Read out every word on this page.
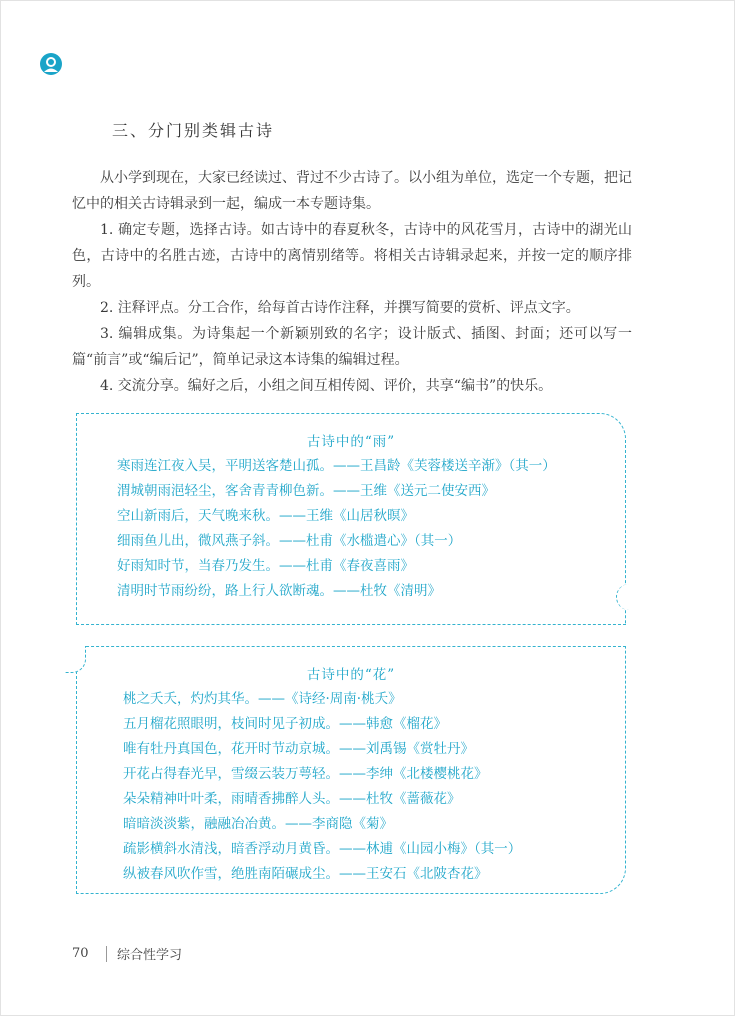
三、分门别类辑古诗

从小学到现在，大家已经读过、背过不少古诗了。以小组为单位，选定一个专题，把记忆中的相关古诗辑录到一起，编成一本专题诗集。

1. 确定专题，选择古诗。如古诗中的春夏秋冬，古诗中的风花雪月，古诗中的湖光山色，古诗中的名胜古迹，古诗中的离情别绪等。将相关古诗辑录起来，并按一定的顺序排列。

2. 注释评点。分工合作，给每首古诗作注释，并撰写简要的赏析、评点文字。

3. 编辑成集。为诗集起一个新颖别致的名字；设计版式、插图、封面；还可以写一篇“前言”或“编后记”，简单记录这本诗集的编辑过程。

4. 交流分享。编好之后，小组之间互相传阅、评价，共享“编书”的快乐。

古诗中的“雨”
寒雨连江夜入吴，平明送客楚山孤。——王昌龄《芙蓉楼送辛渐》（其一）
渭城朝雨浥轻尘，客舍青青柳色新。——王维《送元二使安西》
空山新雨后，天气晚来秋。——王维《山居秋暝》
细雨鱼儿出，微风燕子斜。——杜甫《水槛遣心》（其一）
好雨知时节，当春乃发生。——杜甫《春夜喜雨》
清明时节雨纷纷，路上行人欲断魂。——杜牧《清明》
古诗中的“花”
桃之夭夭，灼灼其华。——《诗经·周南·桃夭》
五月榴花照眼明，枝间时见子初成。——韩愈《榴花》
唯有牡丹真国色，花开时节动京城。——刘禹锡《赏牡丹》
开花占得春光早，雪缀云装万萼轻。——李绅《北楼樱桃花》
朵朵精神叶叶柔，雨晴香拂醉人头。——杜牧《蔷薇花》
暗暗淡淡紫，融融冶冶黄。——李商隐《菊》
疏影横斜水清浅，暗香浮动月黄昏。——林逋《山园小梅》（其一）
纵被春风吹作雪，绝胜南陌碾成尘。——王安石《北陂杏花》
70	综合性学习
